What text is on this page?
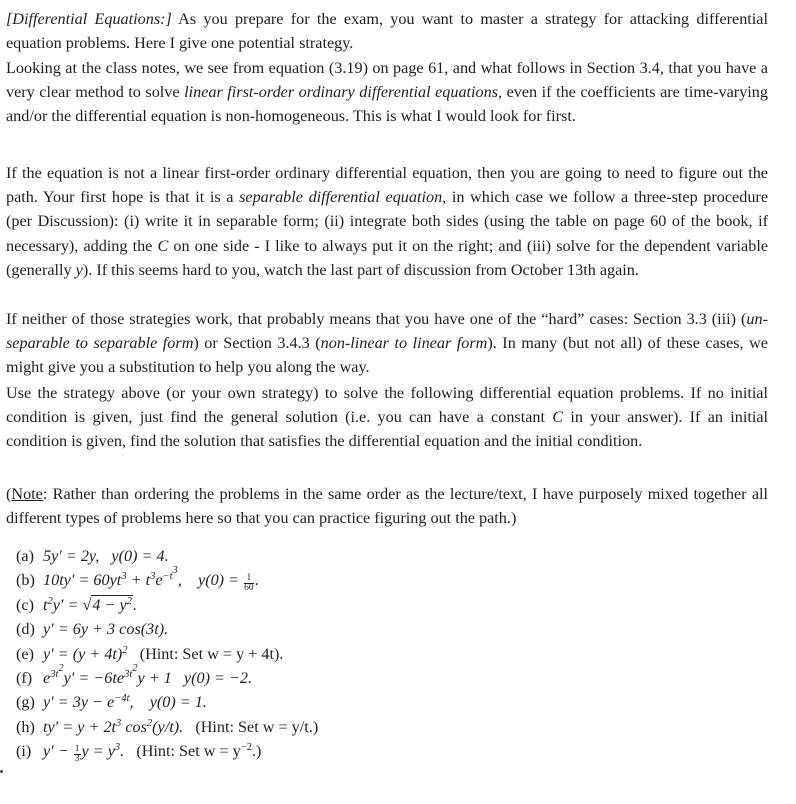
[Differential Equations:] As you prepare for the exam, you want to master a strategy for attacking differential equation problems. Here I give one potential strategy.

Looking at the class notes, we see from equation (3.19) on page 61, and what follows in Section 3.4, that you have a very clear method to solve linear first-order ordinary differential equations, even if the coefficients are time-varying and/or the differential equation is non-homogeneous. This is what I would look for first.

If the equation is not a linear first-order ordinary differential equation, then you are going to need to figure out the path. Your first hope is that it is a separable differential equation, in which case we follow a three-step procedure (per Discussion): (i) write it in separable form; (ii) integrate both sides (using the table on page 60 of the book, if necessary), adding the C on one side - I like to always put it on the right; and (iii) solve for the dependent variable (generally y). If this seems hard to you, watch the last part of discussion from October 13th again.

If neither of those strategies work, that probably means that you have one of the “hard” cases: Section 3.3 (iii) (un-separable to separable form) or Section 3.4.3 (non-linear to linear form). In many (but not all) of these cases, we might give you a substitution to help you along the way.

Use the strategy above (or your own strategy) to solve the following differential equation problems. If no initial condition is given, just find the general solution (i.e. you can have a constant C in your answer). If an initial condition is given, find the solution that satisfies the differential equation and the initial condition.

(Note: Rather than ordering the problems in the same order as the lecture/text, I have purposely mixed together all different types of problems here so that you can practice figuring out the path.)

(a) 5y′ = 2y, y(0) = 4.
(b) $10ty' = 60yt^3 + t^3e^{-t^3}$, $y(0) = \frac{1}{60}$ .
(c) $t^2y' = √4 - y^2$.
(d) y′ = 6y + 3 cos(3t).
(e) $y' = (y + 4t)^2$ (Hint: Set w = y + 4t).
(f) $e^{3t^2}y' = -6te^{3t^2}y + 1$ y(0) = −2.
(g) $y' = 3y - e^{-4t}$, y(0) = 1.
(h) $ty' = y + 2t^3$ $\cos^2(y/t)$. (Hint: Set w = y/t.)
(i) $y' - \frac{1}{3}$ $y = y^3$. (Hint: Set $w = y^{-2}$.)
